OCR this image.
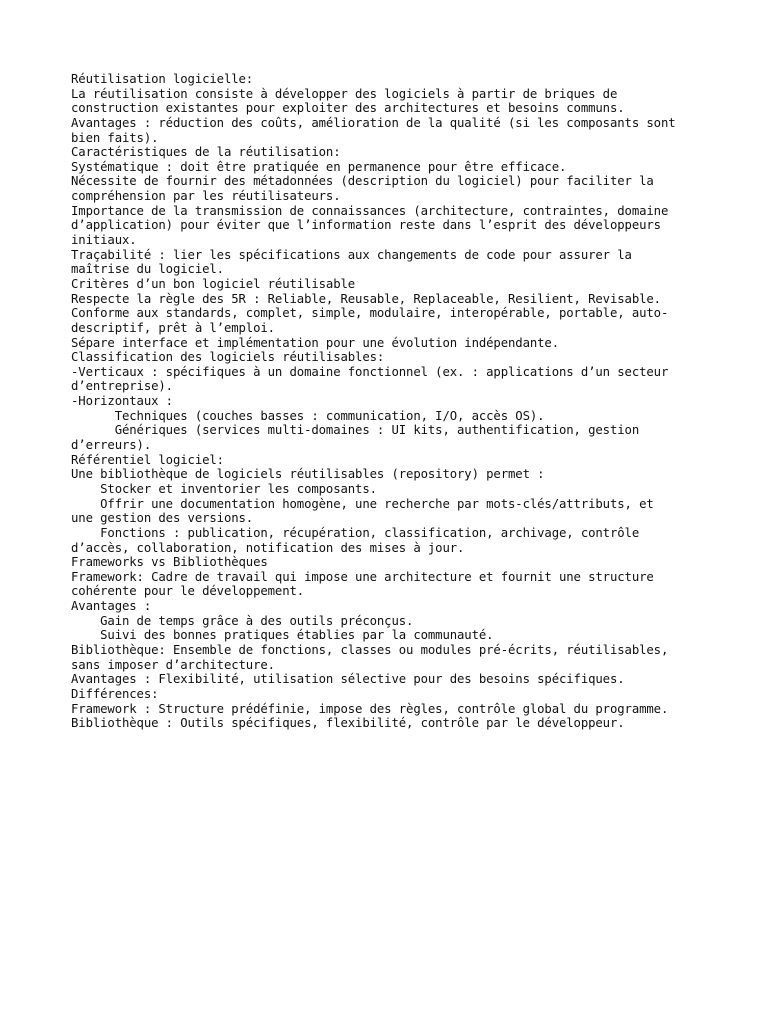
Réutilisation logicielle:
La réutilisation consiste à développer des logiciels à partir de briques de
construction existantes pour exploiter des architectures et besoins communs.
Avantages : réduction des coûts, amélioration de la qualité (si les composants sont
bien faits).
Caractéristiques de la réutilisation:
Systématique : doit être pratiquée en permanence pour être efficace.
Nécessite de fournir des métadonnées (description du logiciel) pour faciliter la
compréhension par les réutilisateurs.
Importance de la transmission de connaissances (architecture, contraintes, domaine
d’application) pour éviter que l’information reste dans l’esprit des développeurs
initiaux.
Traçabilité : lier les spécifications aux changements de code pour assurer la
maîtrise du logiciel.
Critères d’un bon logiciel réutilisable
Respecte la règle des 5R : Reliable, Reusable, Replaceable, Resilient, Revisable.
Conforme aux standards, complet, simple, modulaire, interopérable, portable, auto-
descriptif, prêt à l’emploi.
Sépare interface et implémentation pour une évolution indépendante.
Classification des logiciels réutilisables:
-Verticaux : spécifiques à un domaine fonctionnel (ex. : applications d’un secteur
d’entreprise).
-Horizontaux :
Techniques (couches basses : communication, I/O, accès OS).
Génériques (services multi-domaines : UI kits, authentification, gestion
d’erreurs).
Référentiel logiciel:
Une bibliothèque de logiciels réutilisables (repository) permet :
Stocker et inventorier les composants.
Offrir une documentation homogène, une recherche par mots-clés/attributs, et
une gestion des versions.
Fonctions : publication, récupération, classification, archivage, contrôle
d’accès, collaboration, notification des mises à jour.
Frameworks vs Bibliothèques
Framework: Cadre de travail qui impose une architecture et fournit une structure
cohérente pour le développement.
Avantages :
Gain de temps grâce à des outils préconçus.
Suivi des bonnes pratiques établies par la communauté.
Bibliothèque: Ensemble de fonctions, classes ou modules pré-écrits, réutilisables,
sans imposer d’architecture.
Avantages : Flexibilité, utilisation sélective pour des besoins spécifiques.
Différences:
Framework : Structure prédéfinie, impose des règles, contrôle global du programme.
Bibliothèque : Outils spécifiques, flexibilité, contrôle par le développeur.
